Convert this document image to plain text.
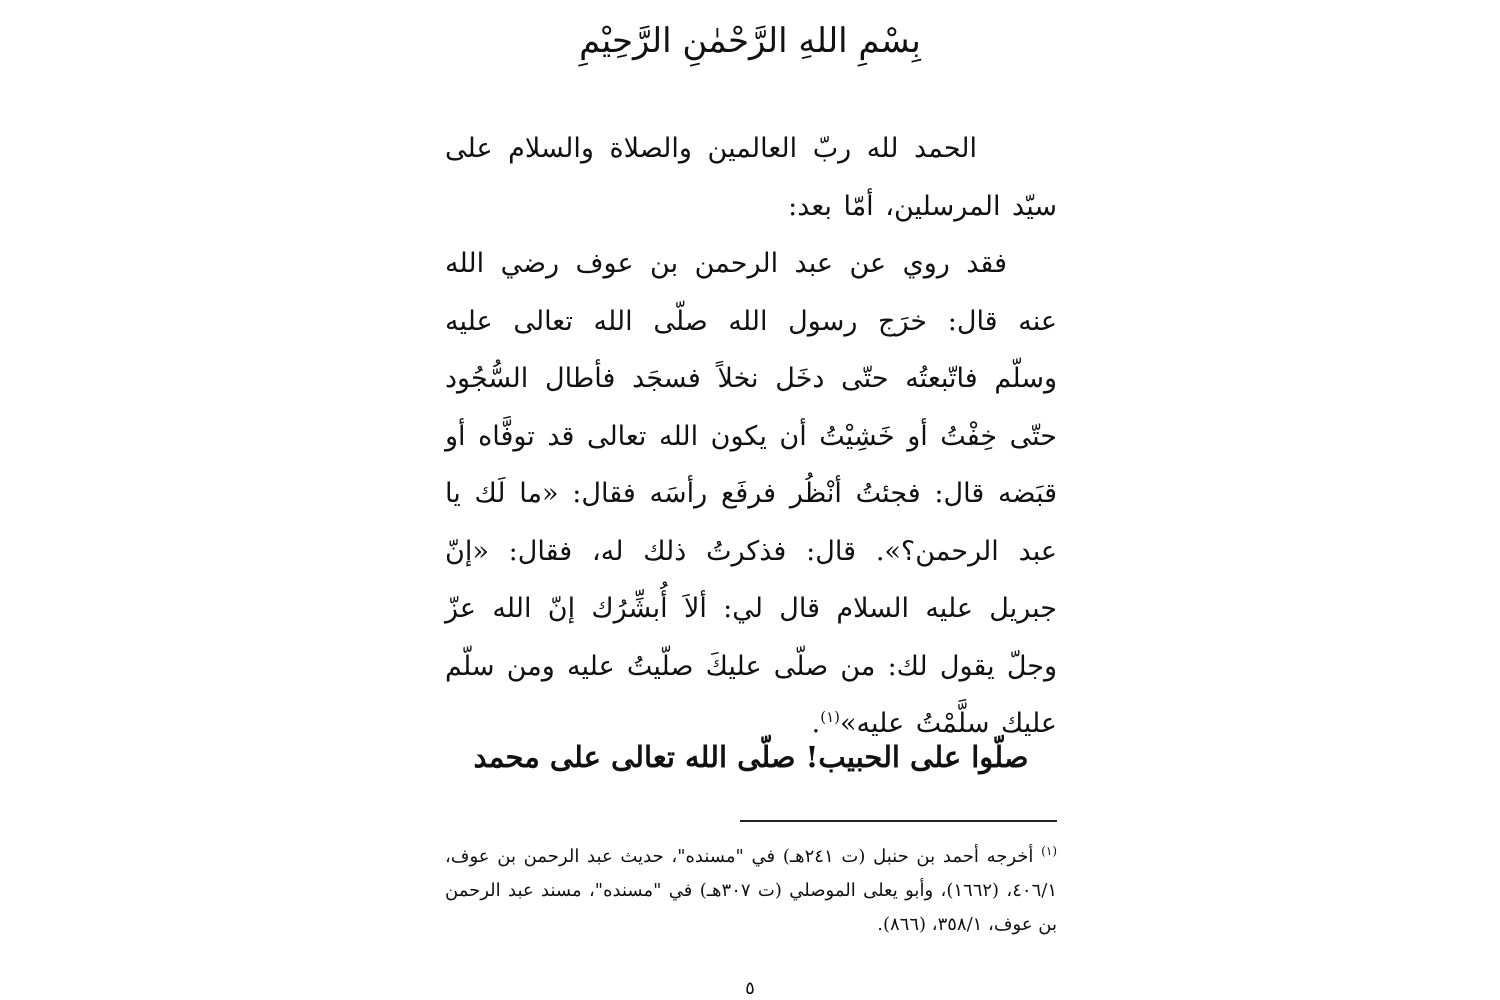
بِسْمِ اللهِ الرَّحْمٰنِ الرَّحِيْمِ

الحمد لله ربّ العالمين والصلاة والسلام على سيّد المرسلين، أمّا بعد:

فقد روي عن عبد الرحمن بن عوف رضي الله عنه قال: خرَج رسول الله صلّى الله تعالى عليه وسلّم فاتّبعتُه حتّى دخَل نخلاً فسجَد فأطال السُّجُود حتّى خِفْتُ أو خَشِيْتُ أن يكون الله تعالى قد توفَّاه أو قبَضه قال: فجئتُ أنْظُر فرفَع رأسَه فقال: «ما لَك يا عبد الرحمن؟». قال: فذكرتُ ذلك له، فقال: «إنّ جبريل عليه السلام قال لي: ألاَ أُبشِّرُك إنّ الله عزّ وجلّ يقول لك: من صلّى عليكَ صلّيتُ عليه ومن سلّم عليك سلَّمْتُ عليه»$^{(١)}$.

صلّوا على الحبيب! صلّى الله تعالى على محمد
$^{(١)}$ أخرجه أحمد بن حنبل (ت ٢٤١هـ) في "مسنده"، حديث عبد الرحمن بن عوف، ٤٠٦/١، (١٦٦٢)، وأبو يعلى الموصلي (ت ٣٠٧هـ) في "مسنده"، مسند عبد الرحمن بن عوف، ٣٥٨/١، (٨٦٦).
٥
